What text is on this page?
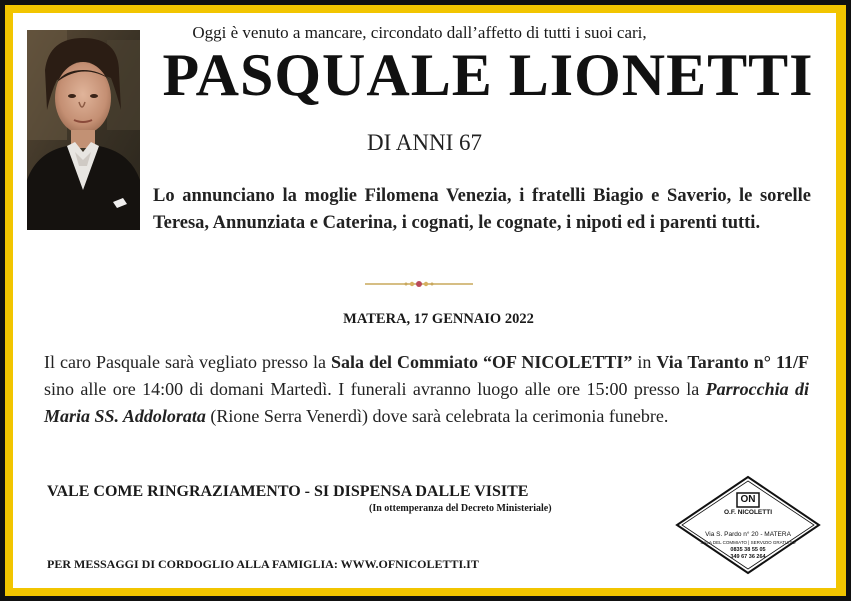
Oggi è venuto a mancare, circondato dall’affetto di tutti i suoi cari,
PASQUALE LIONETTI
DI ANNI 67
Lo annunciano la moglie Filomena Venezia, i fratelli Biagio e Saverio, le sorelle Teresa, Annunziata e Caterina, i cognati, le cognate, i nipoti ed i parenti tutti.
MATERA, 17 GENNAIO 2022
Il caro Pasquale sarà vegliato presso la Sala del Commiato “OF NICOLETTI” in Via Taranto n° 11/F sino alle ore 14:00 di domani Martedì. I funerali avranno luogo alle ore 15:00 presso la Parrocchia di Maria SS. Addolorata (Rione Serra Venerdì) dove sarà celebrata la cerimonia funebre.
VALE COME RINGRAZIAMENTO - SI DISPENSA DALLE VISITE
(In ottemperanza del Decreto Ministeriale)
PER MESSAGGI DI CORDOGLIO ALLA FAMIGLIA: WWW.OFNICOLETTI.IT
ON
O.F. NICOLETTI
Via S. Pardo n° 20 - MATERA
SALA DEL COMMIATO | SERVIZIO GRATUITO
0835 38 55 05
349 67 36 264
